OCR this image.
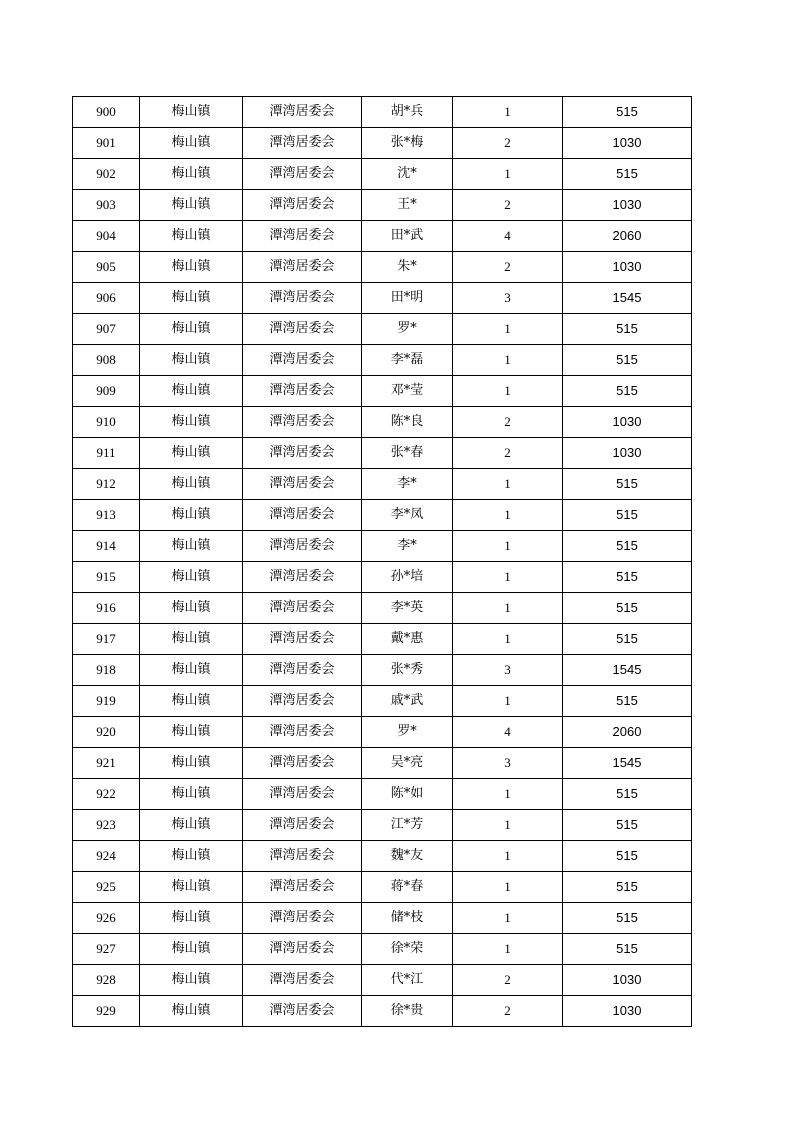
900	梅山镇	潭湾居委会	胡*兵	1	515
901	梅山镇	潭湾居委会	张*梅	2	1030
902	梅山镇	潭湾居委会	沈*	1	515
903	梅山镇	潭湾居委会	王*	2	1030
904	梅山镇	潭湾居委会	田*武	4	2060
905	梅山镇	潭湾居委会	朱*	2	1030
906	梅山镇	潭湾居委会	田*明	3	1545
907	梅山镇	潭湾居委会	罗*	1	515
908	梅山镇	潭湾居委会	李*磊	1	515
909	梅山镇	潭湾居委会	邓*莹	1	515
910	梅山镇	潭湾居委会	陈*良	2	1030
911	梅山镇	潭湾居委会	张*春	2	1030
912	梅山镇	潭湾居委会	李*	1	515
913	梅山镇	潭湾居委会	李*凤	1	515
914	梅山镇	潭湾居委会	李*	1	515
915	梅山镇	潭湾居委会	孙*培	1	515
916	梅山镇	潭湾居委会	李*英	1	515
917	梅山镇	潭湾居委会	戴*惠	1	515
918	梅山镇	潭湾居委会	张*秀	3	1545
919	梅山镇	潭湾居委会	戚*武	1	515
920	梅山镇	潭湾居委会	罗*	4	2060
921	梅山镇	潭湾居委会	吴*亮	3	1545
922	梅山镇	潭湾居委会	陈*如	1	515
923	梅山镇	潭湾居委会	江*芳	1	515
924	梅山镇	潭湾居委会	魏*友	1	515
925	梅山镇	潭湾居委会	蒋*春	1	515
926	梅山镇	潭湾居委会	储*枝	1	515
927	梅山镇	潭湾居委会	徐*荣	1	515
928	梅山镇	潭湾居委会	代*江	2	1030
929	梅山镇	潭湾居委会	徐*贵	2	1030
